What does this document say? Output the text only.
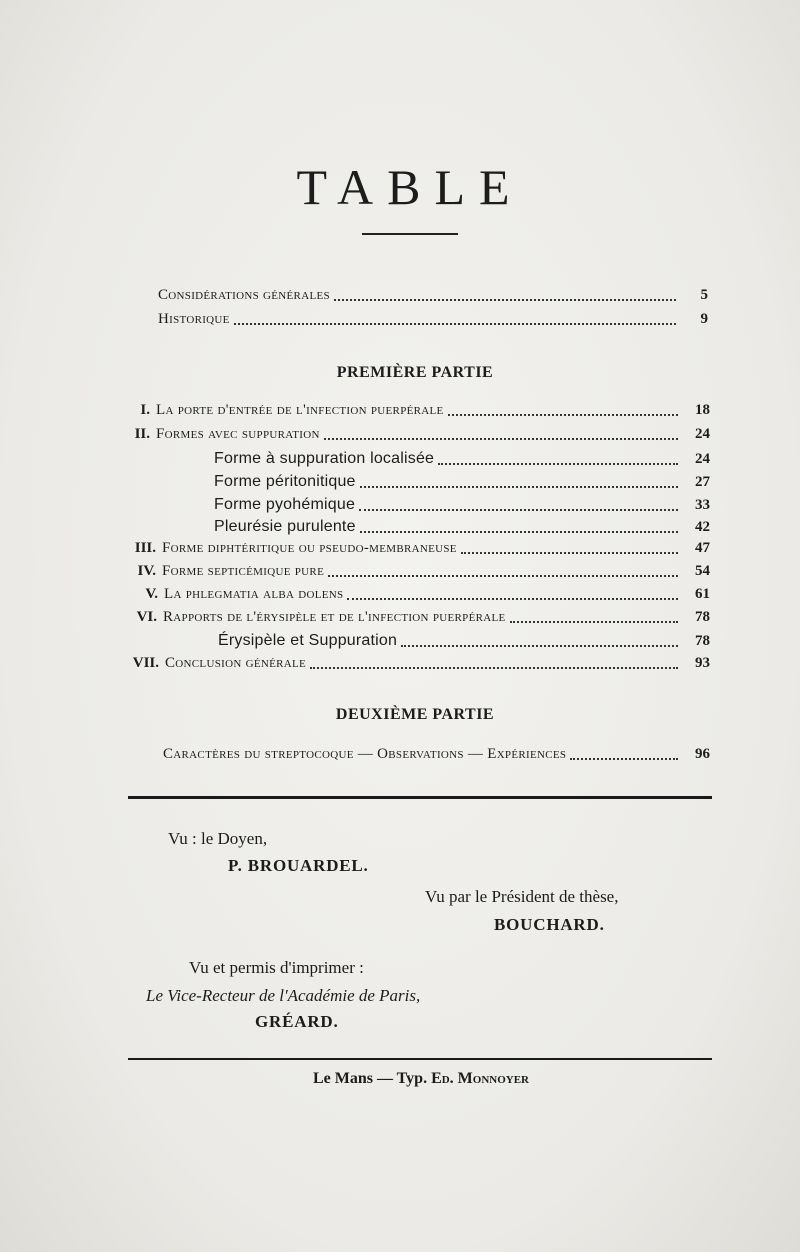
TABLE
Considérations générales	5
Historique	9
PREMIÈRE PARTIE
I. La porte d'entrée de l'infection puerpérale	18
II. Formes avec suppuration	24
Forme à suppuration localisée	24
Forme péritonitique	27
Forme pyohémique	33
Pleurésie purulente	42
III. Forme diphtéritique ou pseudo-membraneuse	47
IV. Forme septicémique pure	54
V. La phlegmatia alba dolens	61
VI. Rapports de l'érysipèle et de l'infection puerpérale	78
Érysipèle et Suppuration	78
VII. Conclusion générale	93
DEUXIÈME PARTIE
Caractères du streptocoque — Observations — Expériences	96
Vu : le Doyen,
P. BROUARDEL.
Vu par le Président de thèse,
BOUCHARD.
Vu et permis d'imprimer :
Le Vice-Recteur de l'Académie de Paris,
GRÉARD.
Le Mans — Typ. Ed. Monnoyer
